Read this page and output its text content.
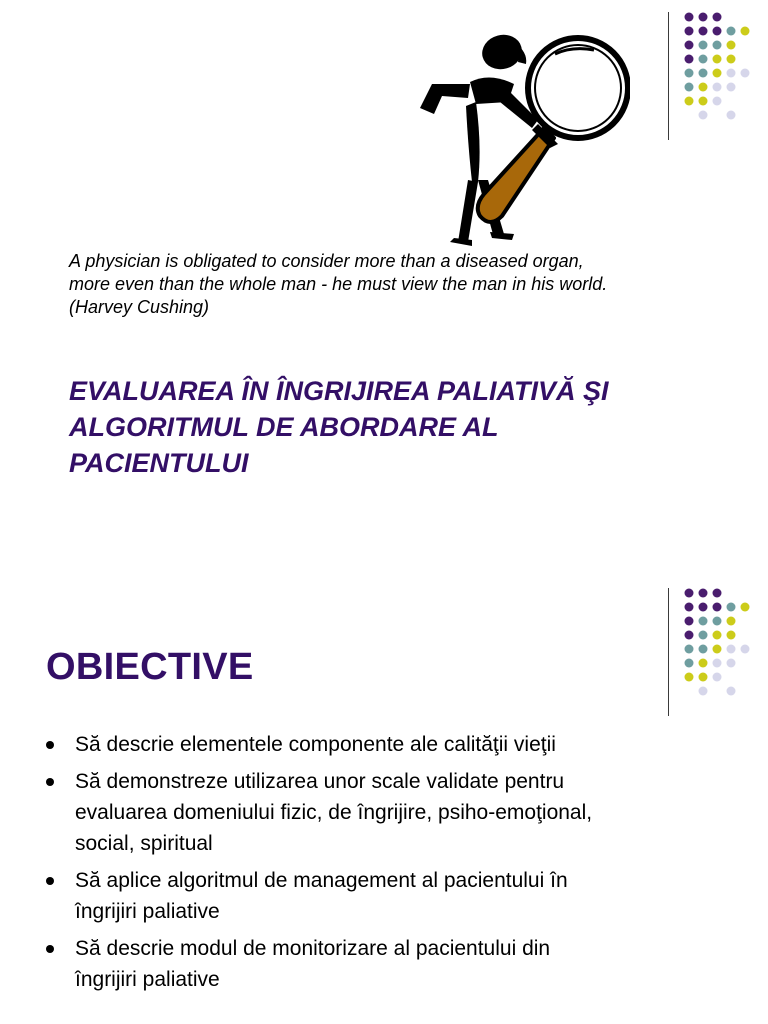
A physician is obligated to consider more than a diseased organ,
more even than the whole man - he must view the man in his world.
(Harvey Cushing)
EVALUAREA ÎN ÎNGRIJIREA PALIATIVĂ ŞI
ALGORITMUL DE ABORDARE AL
PACIENTULUI
OBIECTIVE
Să descrie elementele componente ale calităţii vieţii
Să demonstreze utilizarea unor scale validate pentru
evaluarea domeniului fizic, de îngrijire, psiho-emoţional,
social, spiritual
Să aplice algoritmul de management al pacientului în
îngrijiri paliative
Să descrie modul de monitorizare al pacientului din
îngrijiri paliative
